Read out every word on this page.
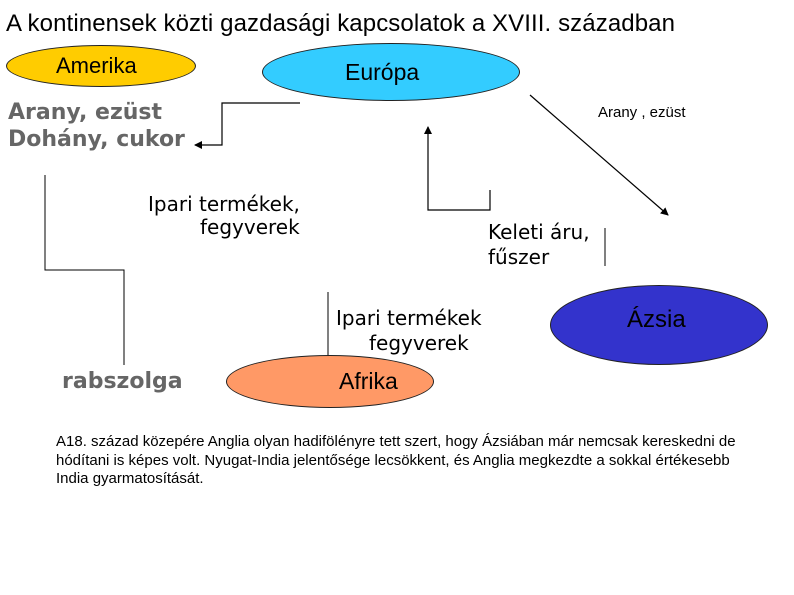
A kontinensek közti gazdasági kapcsolatok a XVIII. században
Amerika	Európa
Ázsia
Afrika
Arany, ezüst
Dohány, cukor
Arany , ezüst
Ipari termékek,
fegyverek	Keleti áru,
fűszer
Ipari termékek
fegyverek
rabszolga
A18. század közepére Anglia olyan hadifölényre tett szert, hogy Ázsiában már nemcsak kereskedni de hódítani is képes volt. Nyugat-India jelentősége lecsökkent, és Anglia megkezdte a sokkal értékesebb India gyarmatosítását.
